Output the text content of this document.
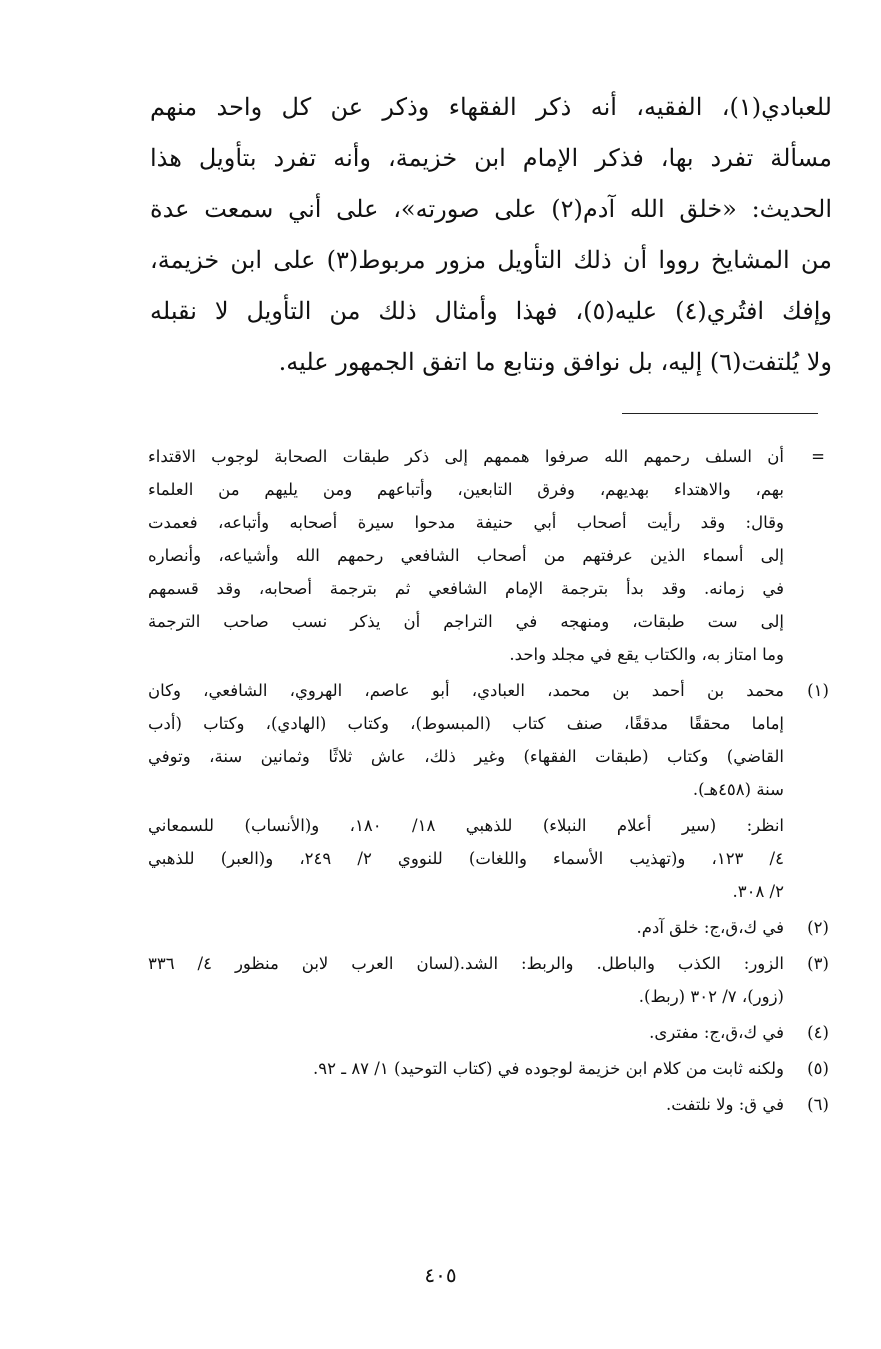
للعبادي(١)، الفقيه، أنه ذكر الفقهاء وذكر عن كل واحد منهم
مسألة تفرد بها، فذكر الإمام ابن خزيمة، وأنه تفرد بتأويل هذا
الحديث: «خلق الله آدم(٢) على صورته»، على أني سمعت عدة
من المشايخ رووا أن ذلك التأويل مزور مربوط(٣) على ابن خزيمة،
وإفك افتُري(٤) عليه(٥)، فهذا وأمثال ذلك من التأويل لا نقبله
ولا يُلتفت(٦) إليه، بل نوافق ونتابع ما اتفق الجمهور عليه.
=
أن السلف رحمهم الله صرفوا هممهم إلى ذكر طبقات الصحابة لوجوب الاقتداء
بهم، والاهتداء بهديهم، وفرق التابعين، وأتباعهم ومن يليهم من العلماء
وقال: وقد رأيت أصحاب أبي حنيفة مدحوا سيرة أصحابه وأتباعه، فعمدت
إلى أسماء الذين عرفتهم من أصحاب الشافعي رحمهم الله وأشياعه، وأنصاره
في زمانه. وقد بدأ بترجمة الإمام الشافعي ثم بترجمة أصحابه، وقد قسمهم
إلى ست طبقات، ومنهجه في التراجم أن يذكر نسب صاحب الترجمة
وما امتاز به، والكتاب يقع في مجلد واحد.
(١)
محمد بن أحمد بن محمد، العبادي، أبو عاصم، الهروي، الشافعي، وكان
إماما محققًا مدققًا، صنف كتاب (المبسوط)، وكتاب (الهادي)، وكتاب (أدب
القاضي) وكتاب (طبقات الفقهاء) وغير ذلك، عاش ثلاثًا وثمانين سنة، وتوفي
سنة (٤٥٨هـ).
انظر: (سير أعلام النبلاء) للذهبي ١٨/ ١٨٠، و(الأنساب) للسمعاني
٤/ ١٢٣، و(تهذيب الأسماء واللغات) للنووي ٢/ ٢٤٩، و(العبر) للذهبي
٢/ ٣٠٨.
(٢)
في ك،ق،ج: خلق آدم.
(٣)
الزور: الكذب والباطل. والربط: الشد.(لسان العرب لابن منظور ٤/ ٣٣٦
(زور)، ٧/ ٣٠٢ (ربط).
(٤)
في ك،ق،ج: مفترى.
(٥)
ولكنه ثابت من كلام ابن خزيمة لوجوده في (كتاب التوحيد) ١/ ٨٧ ـ ٩٢.
(٦)
في ق: ولا نلتفت.
٤٠٥
